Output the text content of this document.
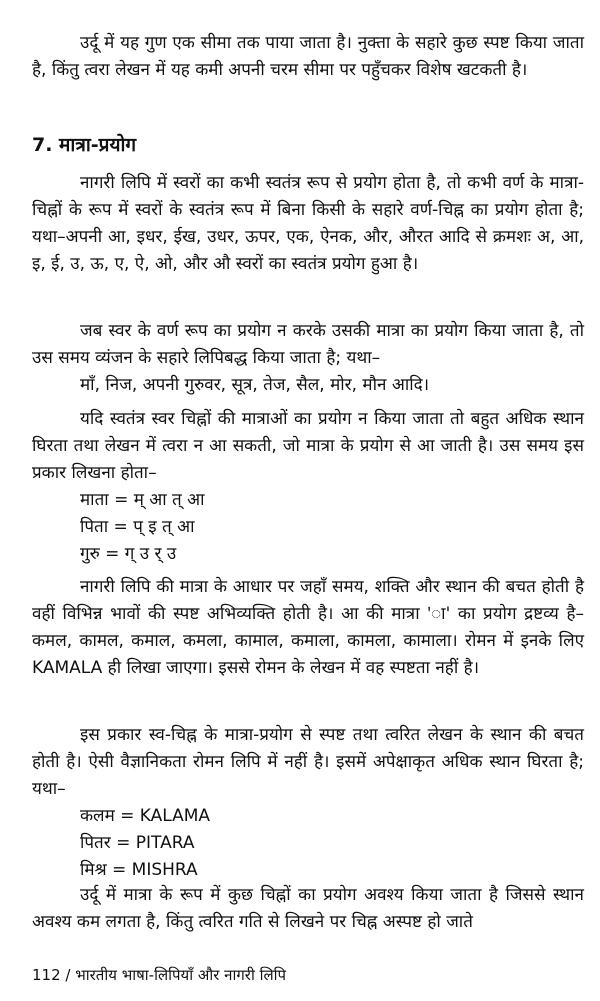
उर्दू में यह गुण एक सीमा तक पाया जाता है। नुक्ता के सहारे कुछ स्पष्ट किया जाता है, किंतु त्वरा लेखन में यह कमी अपनी चरम सीमा पर पहुँचकर विशेष खटकती है।

7. मात्रा-प्रयोग

नागरी लिपि में स्वरों का कभी स्वतंत्र रूप से प्रयोग होता है, तो कभी वर्ण के मात्रा-चिह्नों के रूप में स्वरों के स्वतंत्र रूप में बिना किसी के सहारे वर्ण-चिह्न का प्रयोग होता है; यथा–अपनी आ, इधर, ईख, उधर, ऊपर, एक, ऐनक, और, औरत आदि से क्रमशः अ, आ, इ, ई, उ, ऊ, ए, ऐ, ओ, और औ स्वरों का स्वतंत्र प्रयोग हुआ है।

जब स्वर के वर्ण रूप का प्रयोग न करके उसकी मात्रा का प्रयोग किया जाता है, तो उस समय व्यंजन के सहारे लिपिबद्ध किया जाता है; यथा–

माँ, निज, अपनी गुरुवर, सूत्र, तेज, सैल, मोर, मौन आदि।

यदि स्वतंत्र स्वर चिह्नों की मात्राओं का प्रयोग न किया जाता तो बहुत अधिक स्थान घिरता तथा लेखन में त्वरा न आ सकती, जो मात्रा के प्रयोग से आ जाती है। उस समय इस प्रकार लिखना होता–

माता = म् आ त् आ

पिता = प् इ त् आ

गुरु = ग् उ र् उ

नागरी लिपि की मात्रा के आधार पर जहाँ समय, शक्ति और स्थान की बचत होती है वहीं विभिन्न भावों की स्पष्ट अभिव्यक्ति होती है। आ की मात्रा 'ा' का प्रयोग द्रष्टव्य है–कमल, कामल, कमाल, कमला, कामाल, कमाला, कामला, कामाला। रोमन में इनके लिए KAMALA ही लिखा जाएगा। इससे रोमन के लेखन में वह स्पष्टता नहीं है।

इस प्रकार स्व-चिह्न के मात्रा-प्रयोग से स्पष्ट तथा त्वरित लेखन के स्थान की बचत होती है। ऐसी वैज्ञानिकता रोमन लिपि में नहीं है। इसमें अपेक्षाकृत अधिक स्थान घिरता है; यथा–

कलम = KALAMA

पितर = PITARA

मिश्र = MISHRA

उर्दू में मात्रा के रूप में कुछ चिह्नों का प्रयोग अवश्य किया जाता है जिससे स्थान अवश्य कम लगता है, किंतु त्वरित गति से लिखने पर चिह्न अस्पष्ट हो जाते

112 / भारतीय भाषा-लिपियाँ और नागरी लिपि
